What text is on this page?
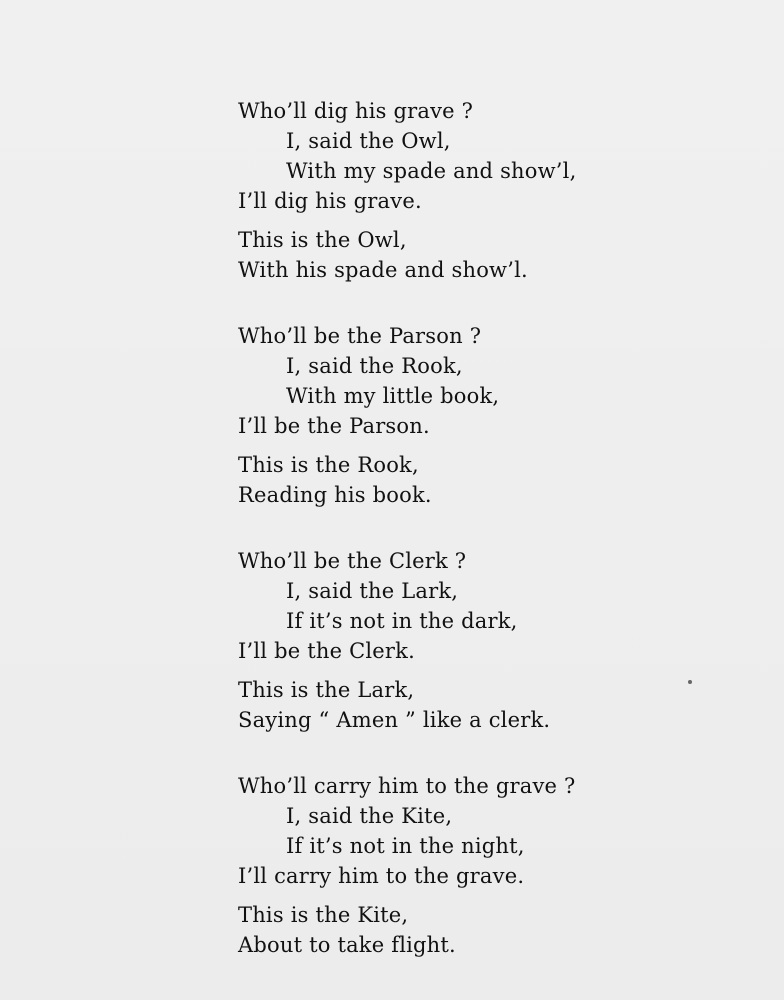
Who’ll dig his grave ?
I, said the Owl,
With my spade and show’l,
I’ll dig his grave.
This is the Owl,
With his spade and show’l.
Who’ll be the Parson ?
I, said the Rook,
With my little book,
I’ll be the Parson.
This is the Rook,
Reading his book.
Who’ll be the Clerk ?
I, said the Lark,
If it’s not in the dark,
I’ll be the Clerk.
This is the Lark,
Saying “ Amen ” like a clerk.
Who’ll carry him to the grave ?
I, said the Kite,
If it’s not in the night,
I’ll carry him to the grave.
This is the Kite,
About to take flight.
